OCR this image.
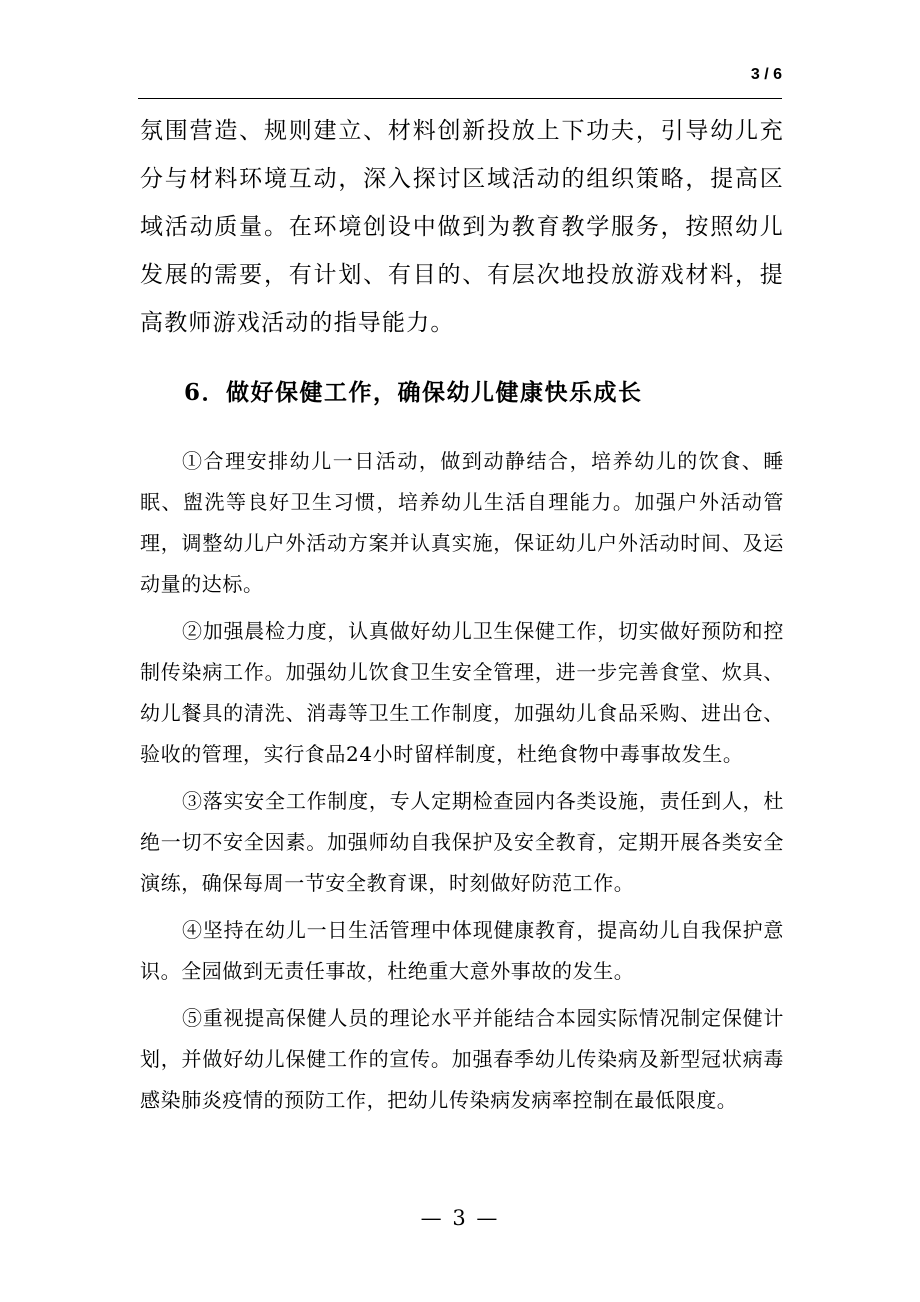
3 / 6

氛围营造、规则建立、材料创新投放上下功夫，引导幼儿充分与材料环境互动，深入探讨区域活动的组织策略，提高区域活动质量。在环境创设中做到为教育教学服务，按照幼儿发展的需要，有计划、有目的、有层次地投放游戏材料，提高教师游戏活动的指导能力。

6．做好保健工作，确保幼儿健康快乐成长

①合理安排幼儿一日活动，做到动静结合，培养幼儿的饮食、睡眠、盥洗等良好卫生习惯，培养幼儿生活自理能力。加强户外活动管理，调整幼儿户外活动方案并认真实施，保证幼儿户外活动时间、及运动量的达标。

②加强晨检力度，认真做好幼儿卫生保健工作，切实做好预防和控制传染病工作。加强幼儿饮食卫生安全管理，进一步完善食堂、炊具、幼儿餐具的清洗、消毒等卫生工作制度，加强幼儿食品采购、进出仓、验收的管理，实行食品24小时留样制度，杜绝食物中毒事故发生。

③落实安全工作制度，专人定期检查园内各类设施，责任到人，杜绝一切不安全因素。加强师幼自我保护及安全教育，定期开展各类安全演练，确保每周一节安全教育课，时刻做好防范工作。

④坚持在幼儿一日生活管理中体现健康教育，提高幼儿自我保护意识。全园做到无责任事故，杜绝重大意外事故的发生。

⑤重视提高保健人员的理论水平并能结合本园实际情况制定保健计划，并做好幼儿保健工作的宣传。加强春季幼儿传染病及新型冠状病毒感染肺炎疫情的预防工作，把幼儿传染病发病率控制在最低限度。

— 3 —
